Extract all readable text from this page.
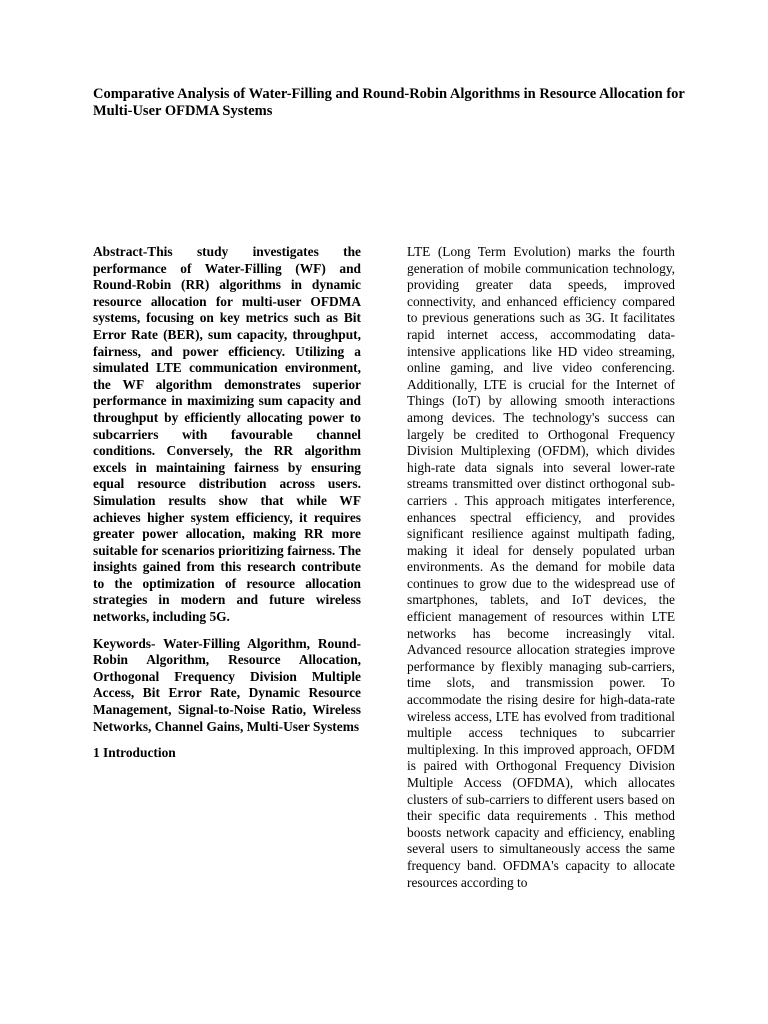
Comparative Analysis of Water-Filling and Round-Robin Algorithms in Resource Allocation for Multi-User OFDMA Systems

Abstract-This study investigates the performance of Water-Filling (WF) and Round-Robin (RR) algorithms in dynamic resource allocation for multi-user OFDMA systems, focusing on key metrics such as Bit Error Rate (BER), sum capacity, throughput, fairness, and power efficiency. Utilizing a simulated LTE communication environment, the WF algorithm demonstrates superior performance in maximizing sum capacity and throughput by efficiently allocating power to subcarriers with favourable channel conditions. Conversely, the RR algorithm excels in maintaining fairness by ensuring equal resource distribution across users. Simulation results show that while WF achieves higher system efficiency, it requires greater power allocation, making RR more suitable for scenarios prioritizing fairness. The insights gained from this research contribute to the optimization of resource allocation strategies in modern and future wireless networks, including 5G.

Keywords- Water-Filling Algorithm, Round-Robin Algorithm, Resource Allocation, Orthogonal Frequency Division Multiple Access, Bit Error Rate, Dynamic Resource Management, Signal-to-Noise Ratio, Wireless Networks, Channel Gains, Multi-User Systems

1 Introduction

LTE (Long Term Evolution) marks the fourth generation of mobile communication technology, providing greater data speeds, improved connectivity, and enhanced efficiency compared to previous generations such as 3G. It facilitates rapid internet access, accommodating data-intensive applications like HD video streaming, online gaming, and live video conferencing. Additionally, LTE is crucial for the Internet of Things (IoT) by allowing smooth interactions among devices. The technology's success can largely be credited to Orthogonal Frequency Division Multiplexing (OFDM), which divides high-rate data signals into several lower-rate streams transmitted over distinct orthogonal sub-carriers . This approach mitigates interference, enhances spectral efficiency, and provides significant resilience against multipath fading, making it ideal for densely populated urban environments. As the demand for mobile data continues to grow due to the widespread use of smartphones, tablets, and IoT devices, the efficient management of resources within LTE networks has become increasingly vital. Advanced resource allocation strategies improve performance by flexibly managing sub-carriers, time slots, and transmission power. To accommodate the rising desire for high-data-rate wireless access, LTE has evolved from traditional multiple access techniques to subcarrier multiplexing. In this improved approach, OFDM is paired with Orthogonal Frequency Division Multiple Access (OFDMA), which allocates clusters of sub-carriers to different users based on their specific data requirements . This method boosts network capacity and efficiency, enabling several users to simultaneously access the same frequency band. OFDMA's capacity to allocate resources according to
